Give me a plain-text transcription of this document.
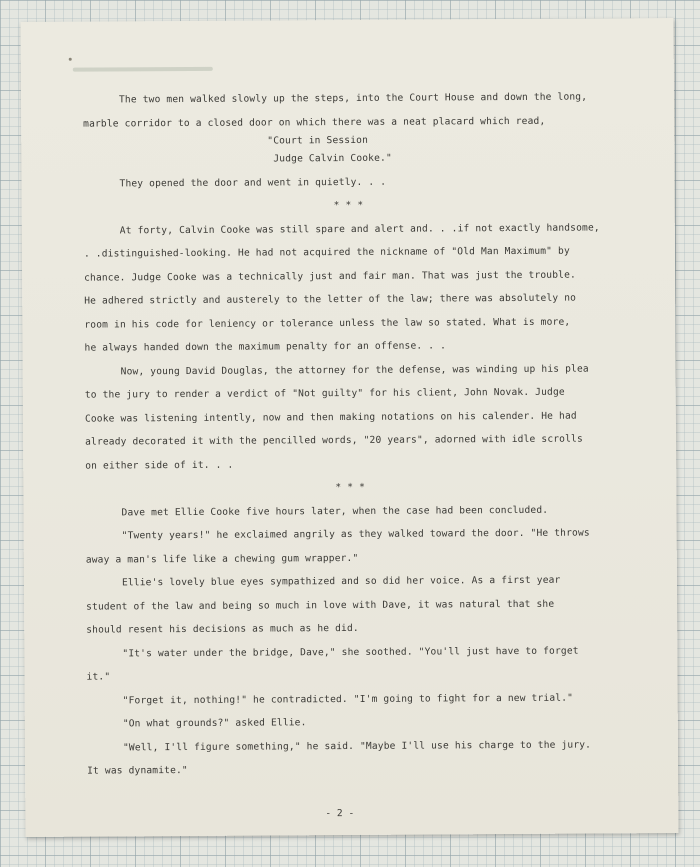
The two men walked slowly up the steps, into the Court House and down the long,
marble corridor to a closed door on which there was a neat placard which read,
"Court in Session
Judge Calvin Cooke."
They opened the door and went in quietly. . .
* * *
At forty, Calvin Cooke was still spare and alert and. . .if not exactly handsome,
. .distinguished-looking. He had not acquired the nickname of "Old Man Maximum" by
chance. Judge Cooke was a technically just and fair man. That was just the trouble.
He adhered strictly and austerely to the letter of the law; there was absolutely no
room in his code for leniency or tolerance unless the law so stated. What is more,
he always handed down the maximum penalty for an offense. . .
Now, young David Douglas, the attorney for the defense, was winding up his plea
to the jury to render a verdict of "Not guilty" for his client, John Novak. Judge
Cooke was listening intently, now and then making notations on his calender. He had
already decorated it with the pencilled words, "20 years", adorned with idle scrolls
on either side of it. . .
* * *
Dave met Ellie Cooke five hours later, when the case had been concluded.
"Twenty years!" he exclaimed angrily as they walked toward the door. "He throws
away a man's life like a chewing gum wrapper."
Ellie's lovely blue eyes sympathized and so did her voice. As a first year
student of the law and being so much in love with Dave, it was natural that she
should resent his decisions as much as he did.
"It's water under the bridge, Dave," she soothed. "You'll just have to forget
it."
"Forget it, nothing!" he contradicted. "I'm going to fight for a new trial."
"On what grounds?" asked Ellie.
"Well, I'll figure something," he said. "Maybe I'll use his charge to the jury.
It was dynamite."
- 2 -
